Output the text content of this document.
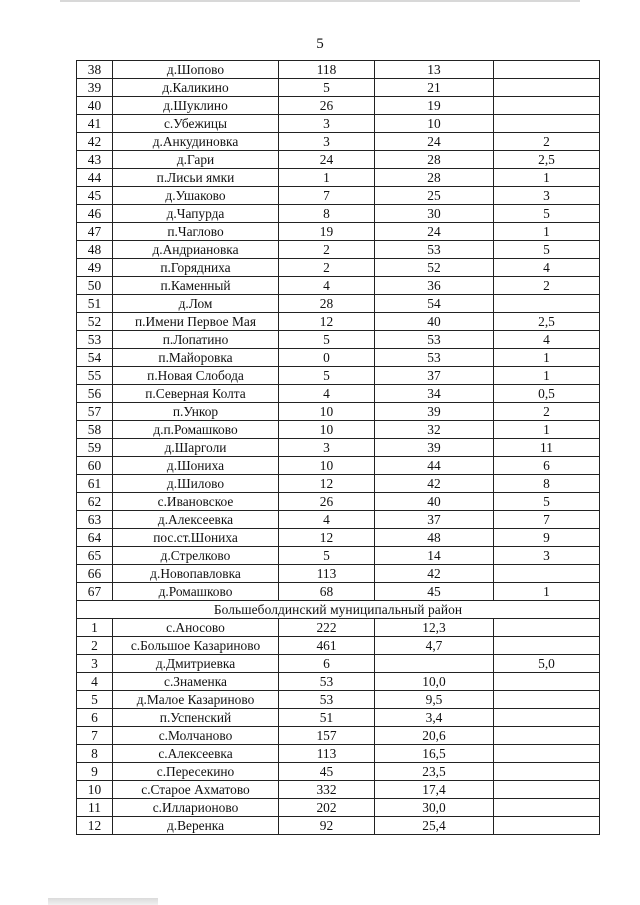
5
38	д.Шопово	118	13	
39	д.Каликино	5	21	
40	д.Шуклино	26	19	
41	с.Убежицы	3	10	
42	д.Анкудиновка	3	24	2
43	д.Гари	24	28	2,5
44	п.Лисьи ямки	1	28	1
45	д.Ушаково	7	25	3
46	д.Чапурда	8	30	5
47	п.Чаглово	19	24	1
48	д.Андриановка	2	53	5
49	п.Горядниха	2	52	4
50	п.Каменный	4	36	2
51	д.Лом	28	54	
52	п.Имени Первое Мая	12	40	2,5
53	п.Лопатино	5	53	4
54	п.Майоровка	0	53	1
55	п.Новая Слобода	5	37	1
56	п.Северная Колта	4	34	0,5
57	п.Ункор	10	39	2
58	д.п.Ромашково	10	32	1
59	д.Шарголи	3	39	11
60	д.Шониха	10	44	6
61	д.Шилово	12	42	8
62	с.Ивановское	26	40	5
63	д.Алексеевка	4	37	7
64	пос.ст.Шониха	12	48	9
65	д.Стрелково	5	14	3
66	д.Новопавловка	113	42	
67	д.Ромашково	68	45	1
Большеболдинский муниципальный район				
1	с.Аносово	222	12,3	
2	с.Большое Казариново	461	4,7	
3	д.Дмитриевка	6		5,0
4	с.Знаменка	53	10,0	
5	д.Малое Казариново	53	9,5	
6	п.Успенский	51	3,4	
7	с.Молчаново	157	20,6	
8	с.Алексеевка	113	16,5	
9	с.Пересекино	45	23,5	
10	с.Старое Ахматово	332	17,4	
11	с.Илларионово	202	30,0	
12	д.Веренка	92	25,4	
